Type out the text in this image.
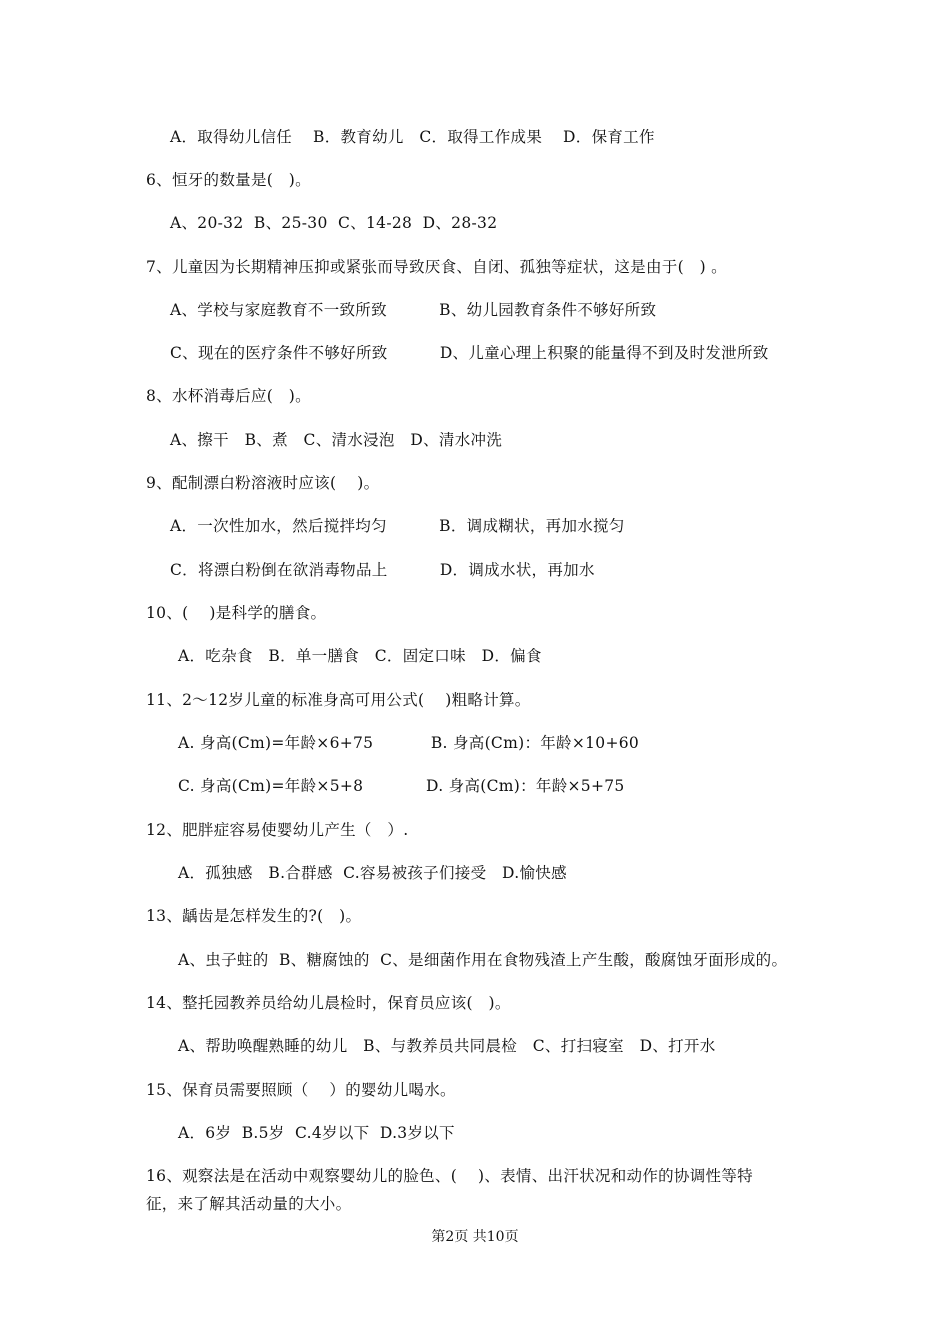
A．取得幼儿信任    B．教育幼儿   C．取得工作成果    D．保育工作
6、恒牙的数量是(   )。
A、20-32  B、25-30  C、14-28  D、28-32
7、儿童因为长期精神压抑或紧张而导致厌食、自闭、孤独等症状，这是由于(   ) 。
A、学校与家庭教育不一致所致          B、幼儿园教育条件不够好所致
C、现在的医疗条件不够好所致          D、儿童心理上积聚的能量得不到及时发泄所致
8、水杯消毒后应(   )。
A、擦干   B、煮   C、清水浸泡   D、清水冲洗
9、配制漂白粉溶液时应该(    )。
A．一次性加水，然后搅拌均匀          B．调成糊状，再加水搅匀
C．将漂白粉倒在欲消毒物品上          D．调成水状，再加水
10、(    )是科学的膳食。
A．吃杂食   B．单一膳食   C．固定口味   D．偏食
11、2～12岁儿童的标准身高可用公式(    )粗略计算。
A. 身高(Cm)=年龄×6+75           B. 身高(Cm)：年龄×10+60
C. 身高(Cm)=年龄×5+8            D. 身高(Cm)：年龄×5+75
12、肥胖症容易使婴幼儿产生（   ）.
A．孤独感   B.合群感  C.容易被孩子们接受   D.愉快感
13、龋齿是怎样发生的?(   )。
A、虫子蛀的  B、糖腐蚀的  C、是细菌作用在食物残渣上产生酸，酸腐蚀牙面形成的。
14、整托园教养员给幼儿晨检时，保育员应该(   )。
A、帮助唤醒熟睡的幼儿   B、与教养员共同晨检   C、打扫寝室   D、打开水
15、保育员需要照顾（    ）的婴幼儿喝水。
A．6岁  B.5岁  C.4岁以下  D.3岁以下
16、观察法是在活动中观察婴幼儿的脸色、(    )、表情、出汗状况和动作的协调性等特
征，来了解其活动量的大小。
第2页 共10页
